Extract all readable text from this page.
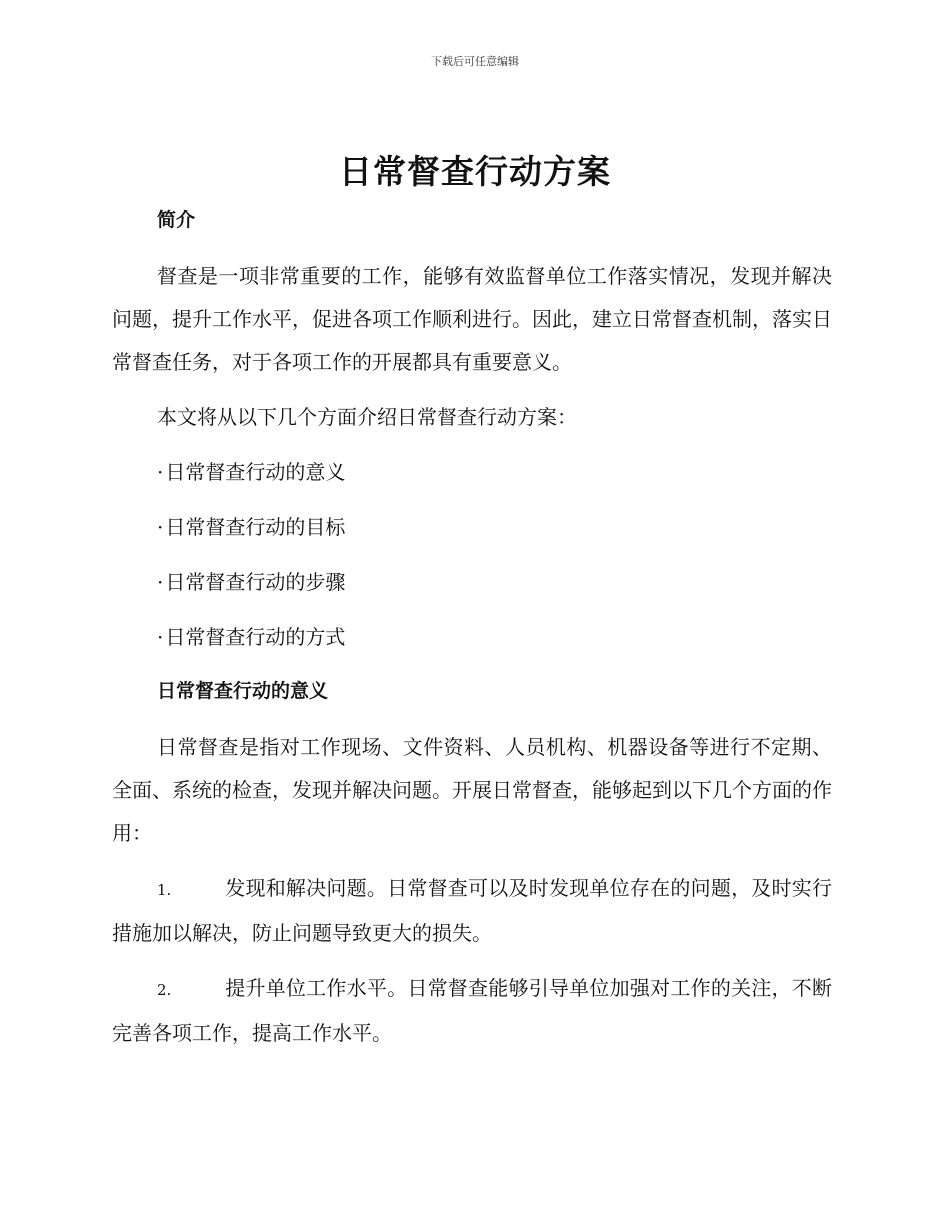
下载后可任意编辑
日常督查行动方案
简介

督查是一项非常重要的工作，能够有效监督单位工作落实情况，发现并解决问题，提升工作水平，促进各项工作顺利进行。因此，建立日常督查机制，落实日常督查任务，对于各项工作的开展都具有重要意义。

本文将从以下几个方面介绍日常督查行动方案：

· 日常督查行动的意义
· 日常督查行动的目标
· 日常督查行动的步骤
· 日常督查行动的方式
日常督查行动的意义

日常督查是指对工作现场、文件资料、人员机构、机器设备等进行不定期、全面、系统的检查，发现并解决问题。开展日常督查，能够起到以下几个方面的作用：

1.	发现和解决问题。日常督查可以及时发现单位存在的问题，及时实行措施加以解决，防止问题导致更大的损失。

2.	提升单位工作水平。日常督查能够引导单位加强对工作的关注，不断完善各项工作，提高工作水平。
